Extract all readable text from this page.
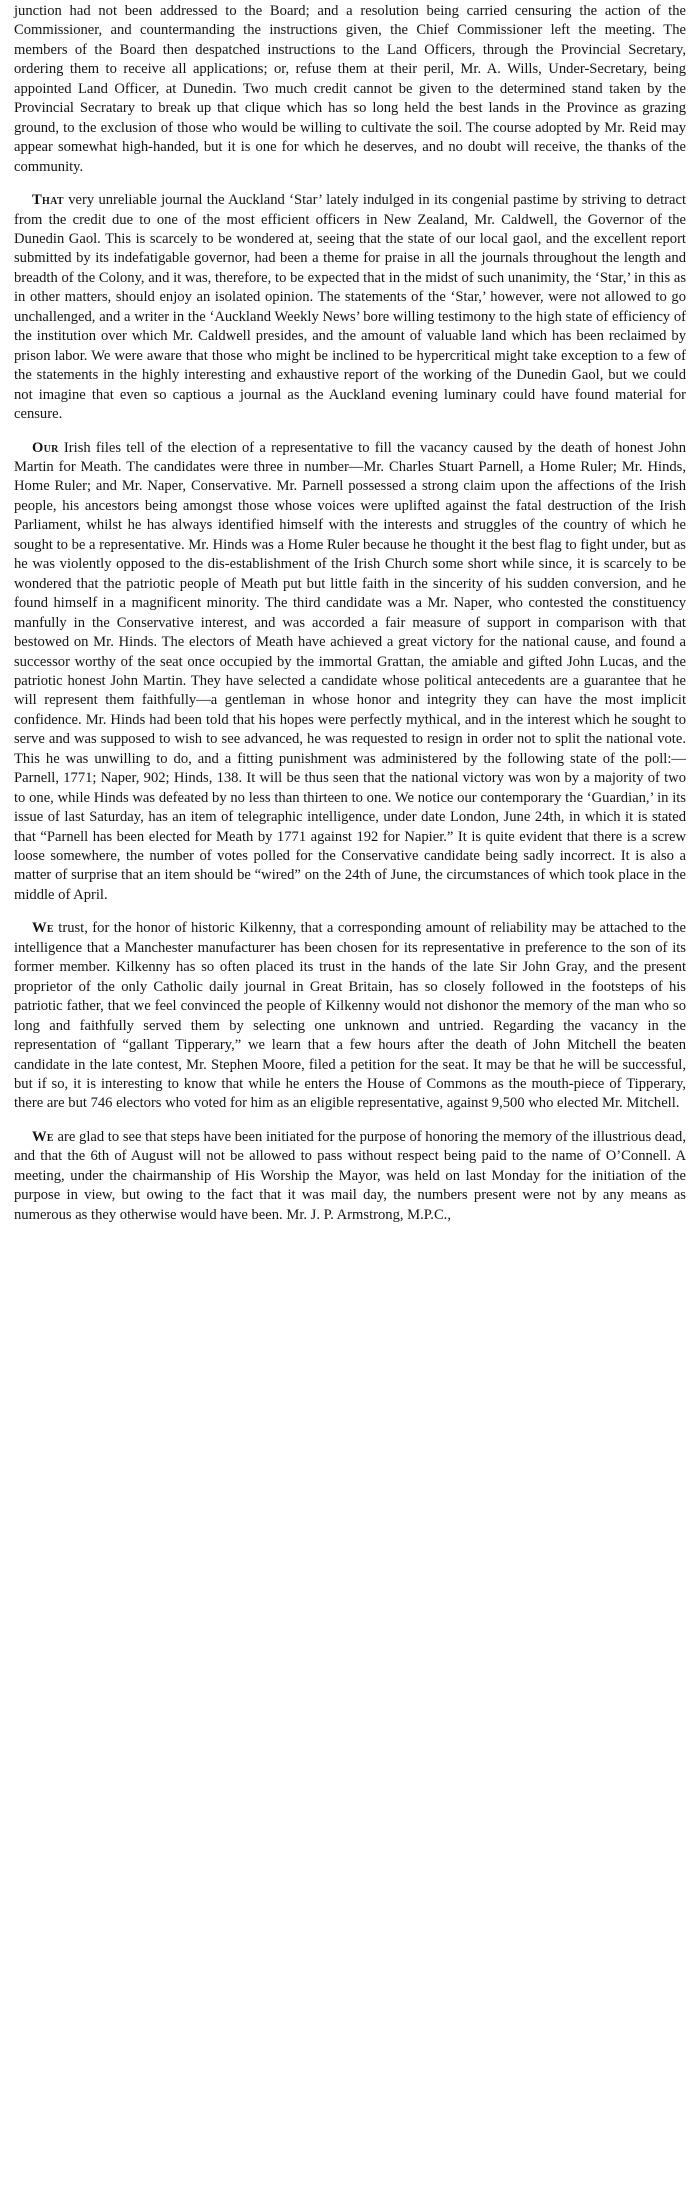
junction had not been addressed to the Board; and a resolution being carried censuring the action of the Commissioner, and countermanding the instructions given, the Chief Commissioner left the meeting. The members of the Board then despatched instructions to the Land Officers, through the Provincial Secretary, ordering them to receive all applications; or, refuse them at their peril, Mr. A. Wills, Under-Secretary, being appointed Land Officer, at Dunedin. Two much credit cannot be given to the determined stand taken by the Provincial Secratary to break up that clique which has so long held the best lands in the Province as grazing ground, to the exclusion of those who would be willing to cultivate the soil. The course adopted by Mr. Reid may appear somewhat high-handed, but it is one for which he deserves, and no doubt will receive, the thanks of the community.

That very unreliable journal the Auckland ‘Star’ lately indulged in its congenial pastime by striving to detract from the credit due to one of the most efficient officers in New Zealand, Mr. Caldwell, the Governor of the Dunedin Gaol. This is scarcely to be wondered at, seeing that the state of our local gaol, and the excellent report submitted by its indefatigable governor, had been a theme for praise in all the journals throughout the length and breadth of the Colony, and it was, therefore, to be expected that in the midst of such unanimity, the ‘Star,’ in this as in other matters, should enjoy an isolated opinion. The statements of the ‘Star,’ however, were not allowed to go unchallenged, and a writer in the ‘Auckland Weekly News’ bore willing testimony to the high state of efficiency of the institution over which Mr. Caldwell presides, and the amount of valuable land which has been reclaimed by prison labor. We were aware that those who might be inclined to be hypercritical might take exception to a few of the statements in the highly interesting and exhaustive report of the working of the Dunedin Gaol, but we could not imagine that even so captious a journal as the Auckland evening luminary could have found material for censure.

Our Irish files tell of the election of a representative to fill the vacancy caused by the death of honest John Martin for Meath. The candidates were three in number—Mr. Charles Stuart Parnell, a Home Ruler; Mr. Hinds, Home Ruler; and Mr. Naper, Conservative. Mr. Parnell possessed a strong claim upon the affections of the Irish people, his ancestors being amongst those whose voices were uplifted against the fatal destruction of the Irish Parliament, whilst he has always identified himself with the interests and struggles of the country of which he sought to be a representative. Mr. Hinds was a Home Ruler because he thought it the best flag to fight under, but as he was violently opposed to the dis-establishment of the Irish Church some short while since, it is scarcely to be wondered that the patriotic people of Meath put but little faith in the sincerity of his sudden conversion, and he found himself in a magnificent minority. The third candidate was a Mr. Naper, who contested the constituency manfully in the Conservative interest, and was accorded a fair measure of support in comparison with that bestowed on Mr. Hinds. The electors of Meath have achieved a great victory for the national cause, and found a successor worthy of the seat once occupied by the immortal Grattan, the amiable and gifted John Lucas, and the patriotic honest John Martin. They have selected a candidate whose political antecedents are a guarantee that he will represent them faithfully—a gentleman in whose honor and integrity they can have the most implicit confidence. Mr. Hinds had been told that his hopes were perfectly mythical, and in the interest which he sought to serve and was supposed to wish to see advanced, he was requested to resign in order not to split the national vote. This he was unwilling to do, and a fitting punishment was administered by the following state of the poll:—Parnell, 1771; Naper, 902; Hinds, 138. It will be thus seen that the national victory was won by a majority of two to one, while Hinds was defeated by no less than thirteen to one. We notice our contemporary the ‘Guardian,’ in its issue of last Saturday, has an item of telegraphic intelligence, under date London, June 24th, in which it is stated that “Parnell has been elected for Meath by 1771 against 192 for Napier.” It is quite evident that there is a screw loose somewhere, the number of votes polled for the Conservative candidate being sadly incorrect. It is also a matter of surprise that an item should be “wired” on the 24th of June, the circumstances of which took place in the middle of April.

We trust, for the honor of historic Kilkenny, that a corresponding amount of reliability may be attached to the intelligence that a Manchester manufacturer has been chosen for its representative in preference to the son of its former member. Kilkenny has so often placed its trust in the hands of the late Sir John Gray, and the present proprietor of the only Catholic daily journal in Great Britain, has so closely followed in the footsteps of his patriotic father, that we feel convinced the people of Kilkenny would not dishonor the memory of the man who so long and faithfully served them by selecting one unknown and untried. Regarding the vacancy in the representation of “gallant Tipperary,” we learn that a few hours after the death of John Mitchell the beaten candidate in the late contest, Mr. Stephen Moore, filed a petition for the seat. It may be that he will be successful, but if so, it is interesting to know that while he enters the House of Commons as the mouth-piece of Tipperary, there are but 746 electors who voted for him as an eligible representative, against 9,500 who elected Mr. Mitchell.

We are glad to see that steps have been initiated for the purpose of honoring the memory of the illustrious dead, and that the 6th of August will not be allowed to pass without respect being paid to the name of O’Connell. A meeting, under the chairmanship of His Worship the Mayor, was held on last Monday for the initiation of the purpose in view, but owing to the fact that it was mail day, the numbers present were not by any means as numerous as they otherwise would have been. Mr. J. P. Armstrong, M.P.C.,
